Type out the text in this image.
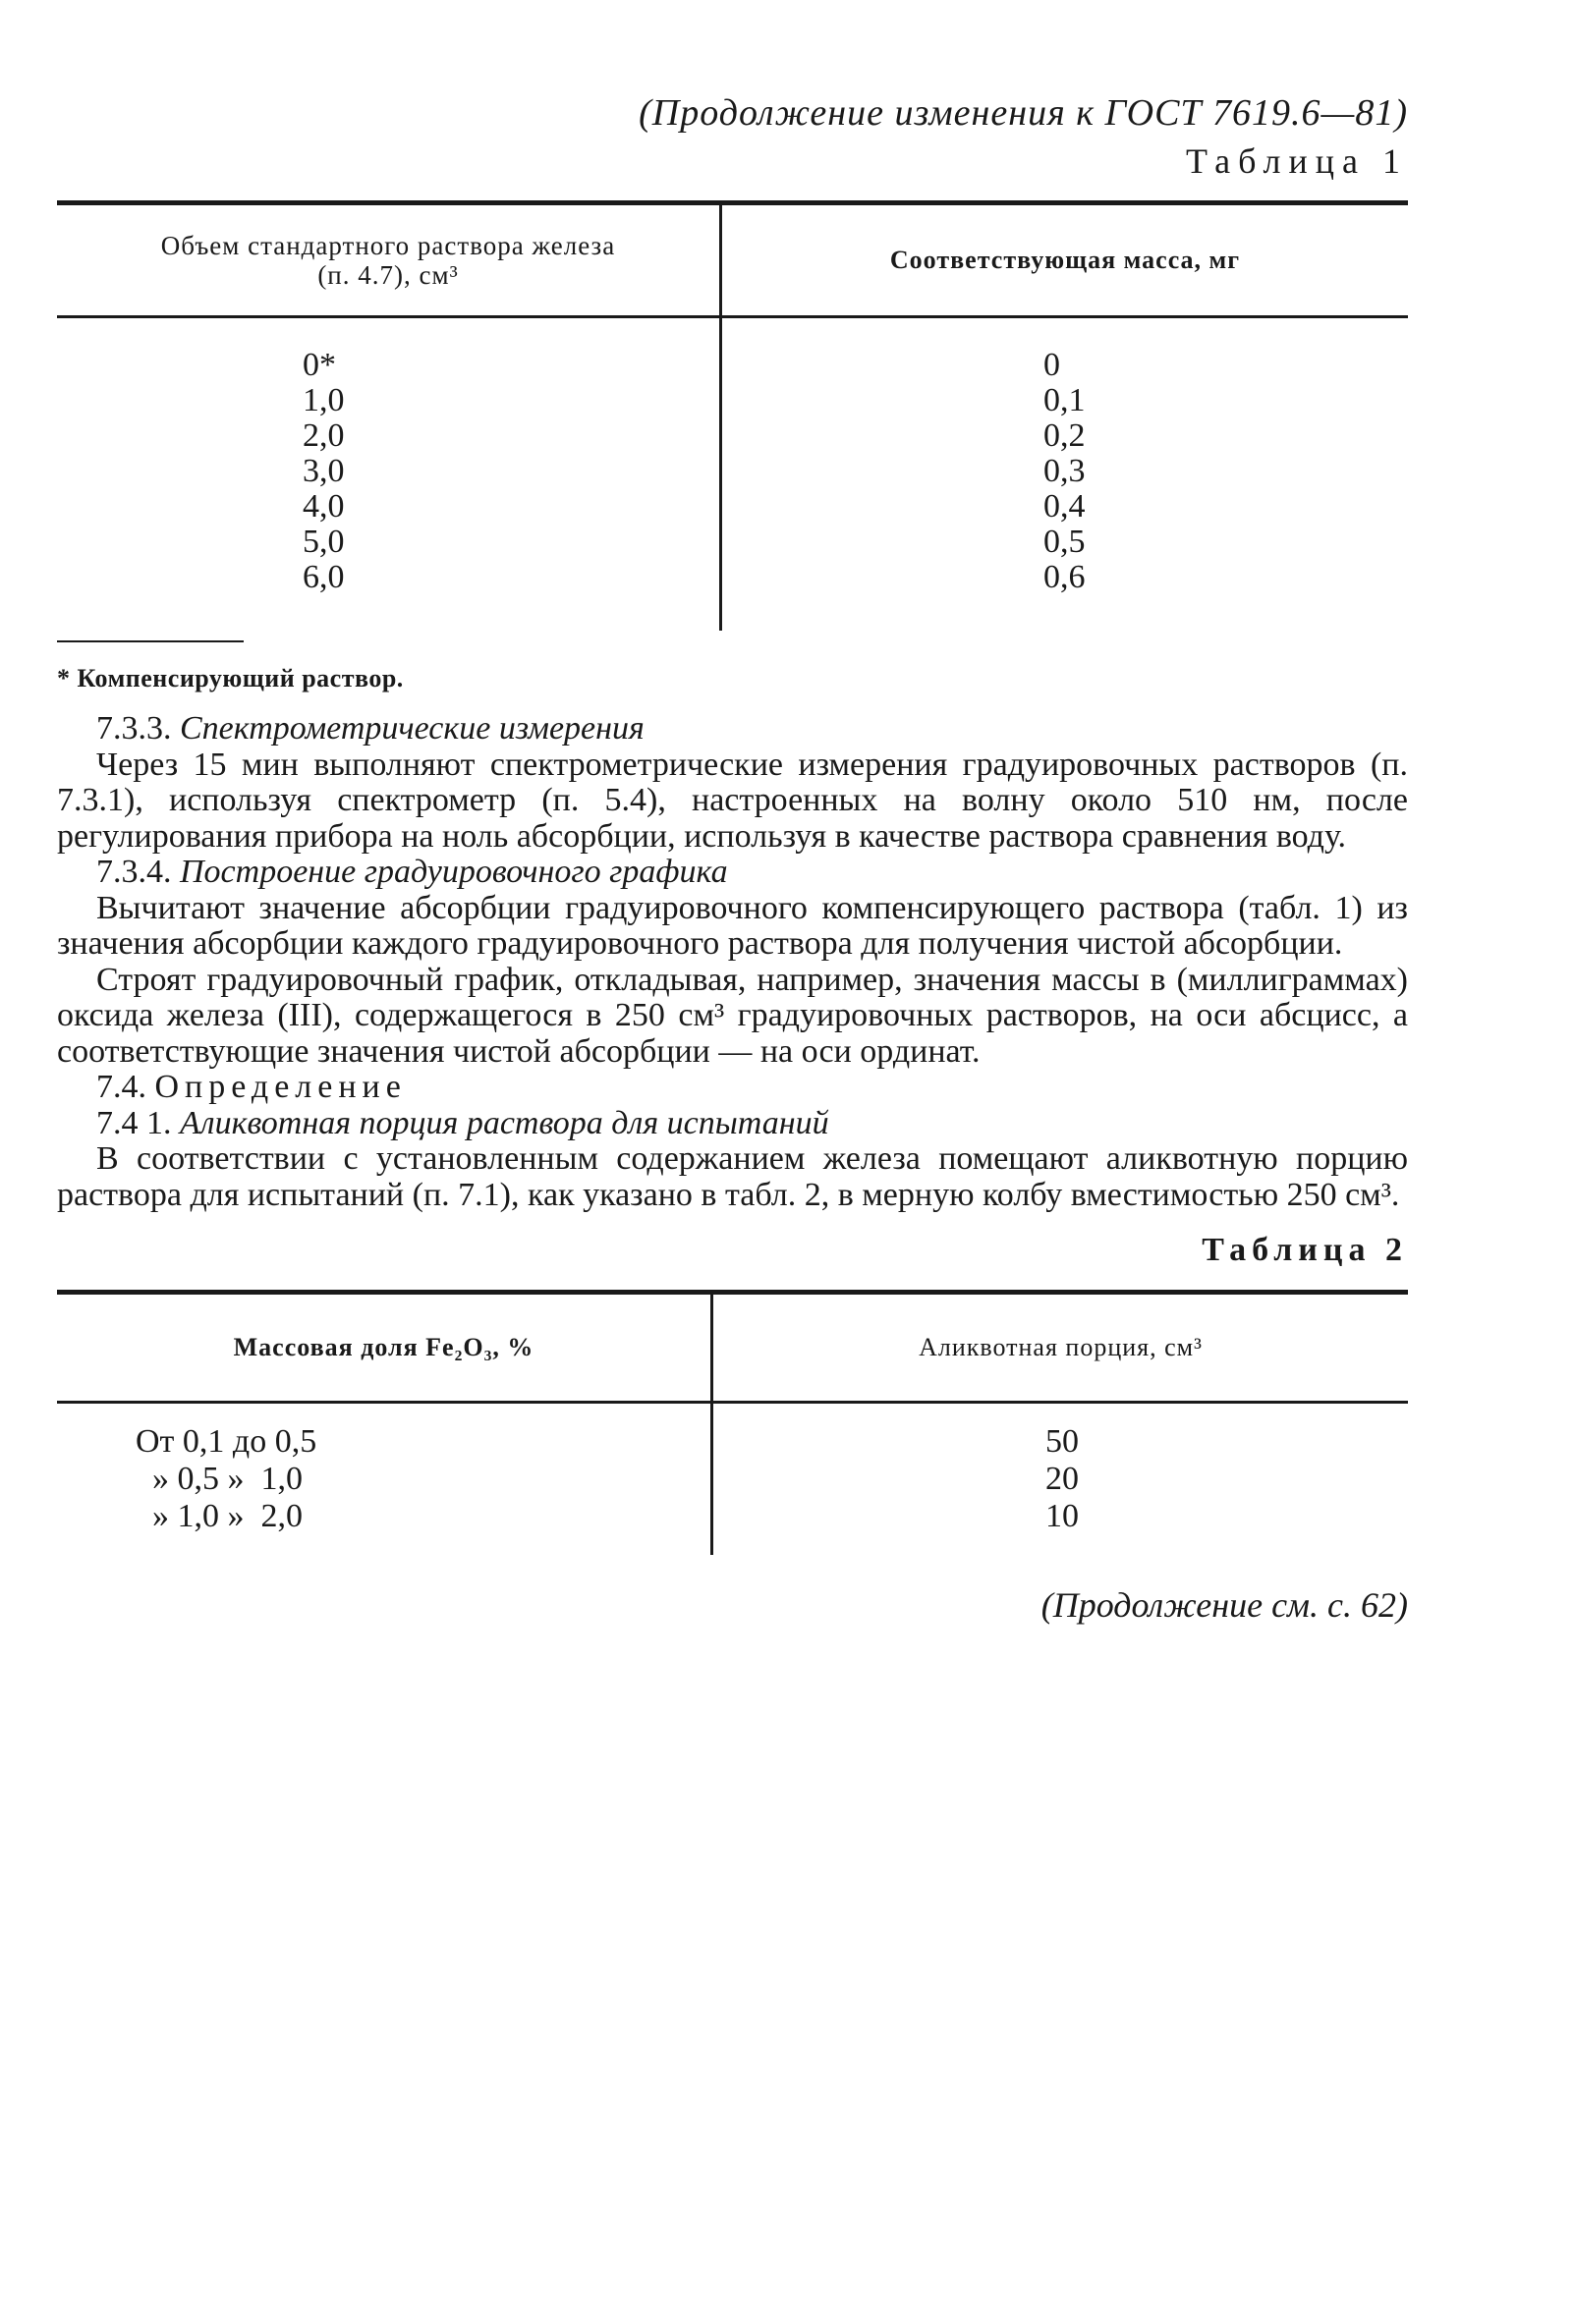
(Продолжение изменения к ГОСТ 7619.6—81)

Таблица 1

Объем стандартного раствора железа
(п. 4.7), см³
Соответствующая масса, мг
0*
1,0
2,0
3,0
4,0
5,0
6,0
0
0,1
0,2
0,3
0,4
0,5
0,6

* Компенсирующий раствор.

7.3.3. Спектрометрические измерения

Через 15 мин выполняют спектрометрические измерения градуировочных растворов (п. 7.3.1), используя спектрометр (п. 5.4), настроенных на волну около 510 нм, после регулирования прибора на ноль абсорбции, используя в качестве раствора сравнения воду.

7.3.4. Построение градуировочного графика

Вычитают значение абсорбции градуировочного компенсирующего раствора (табл. 1) из значения абсорбции каждого градуировочного раствора для получения чистой абсорбции.

Строят градуировочный график, откладывая, например, значения массы в (миллиграммах) оксида железа (III), содержащегося в 250 см³ градуировочных растворов, на оси абсцисс, а соответствующие значения чистой абсорбции — на оси ординат.

7.4. Определение

7.4 1. Аликвотная порция раствора для испытаний

В соответствии с установленным содержанием железа помещают аликвотную порцию раствора для испытаний (п. 7.1), как указано в табл. 2, в мерную колбу вместимостью 250 см³.

Таблица 2

Массовая доля Fe₂O₃, %	Аликвотная порция, см³
От 0,1 до 0,5
» 0,5 »  1,0
» 1,0 »  2,0
50
20
10

(Продолжение см. с. 62)
